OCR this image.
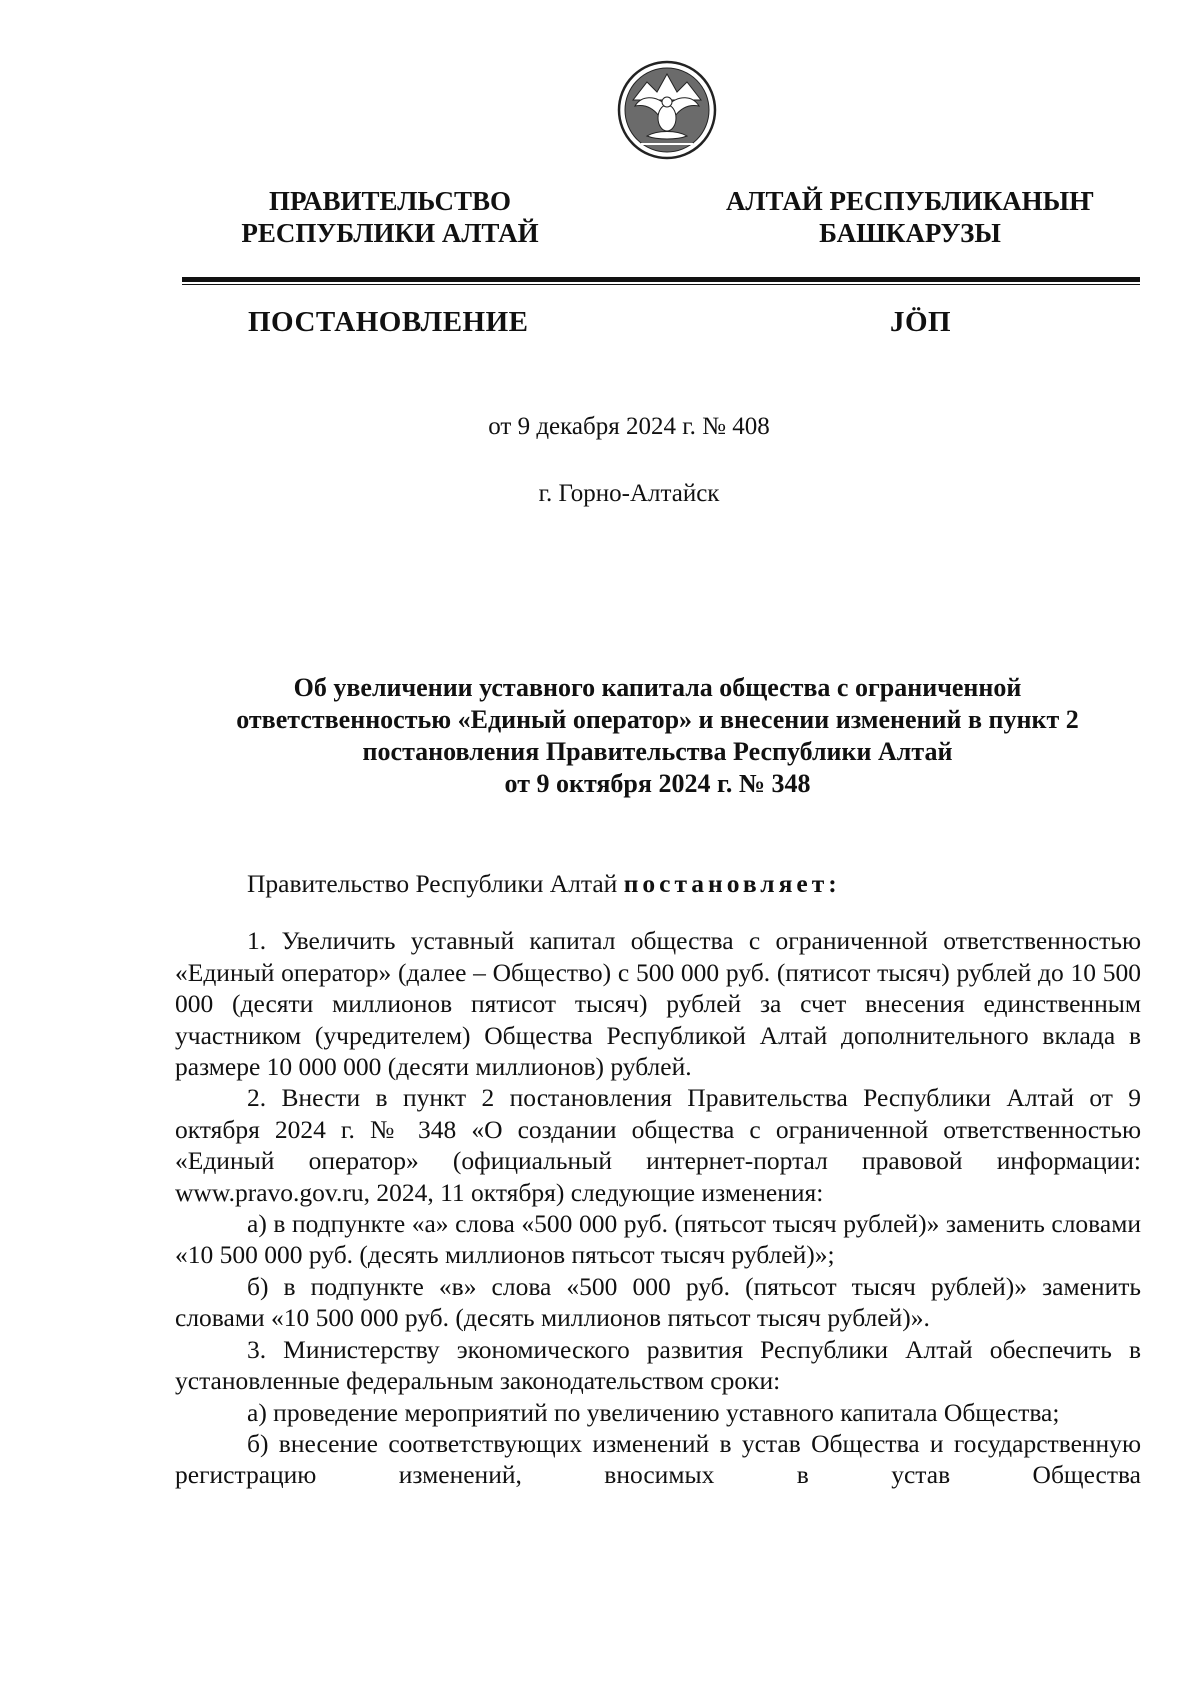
ПРАВИТЕЛЬСТВО
РЕСПУБЛИКИ АЛТАЙ
АЛТАЙ РЕСПУБЛИКАНЫҤ
БАШКАРУЗЫ
ПОСТАНОВЛЕНИЕ	JӦП
от 9 декабря 2024 г. № 408
г. Горно-Алтайск
Об увеличении уставного капитала общества с ограниченной
ответственностью «Единый оператор» и внесении изменений в пункт 2
постановления Правительства Республики Алтай
от 9 октября 2024 г. № 348

Правительство Республики Алтай постановляет:

1. Увеличить уставный капитал общества с ограниченной ответственностью «Единый оператор» (далее – Общество) с 500 000 руб. (пятисот тысяч) рублей до 10 500 000 (десяти миллионов пятисот тысяч) рублей за счет внесения единственным участником (учредителем) Общества Республикой Алтай дополнительного вклада в размере 10 000 000 (десяти миллионов) рублей.

2. Внести в пункт 2 постановления Правительства Республики Алтай от 9 октября 2024 г. № 348 «О создании общества с ограниченной ответственностью «Единый оператор» (официальный интернет-портал правовой информации: www.pravo.gov.ru, 2024, 11 октября) следующие изменения:

а) в подпункте «а» слова «500 000 руб. (пятьсот тысяч рублей)» заменить словами «10 500 000 руб. (десять миллионов пятьсот тысяч рублей)»;

б) в подпункте «в» слова «500 000 руб. (пятьсот тысяч рублей)» заменить словами «10 500 000 руб. (десять миллионов пятьсот тысяч рублей)».

3. Министерству экономического развития Республики Алтай обеспечить в установленные федеральным законодательством сроки:

а) проведение мероприятий по увеличению уставного капитала Общества;

б) внесение соответствующих изменений в устав Общества и государственную регистрацию изменений, вносимых в устав Общества
